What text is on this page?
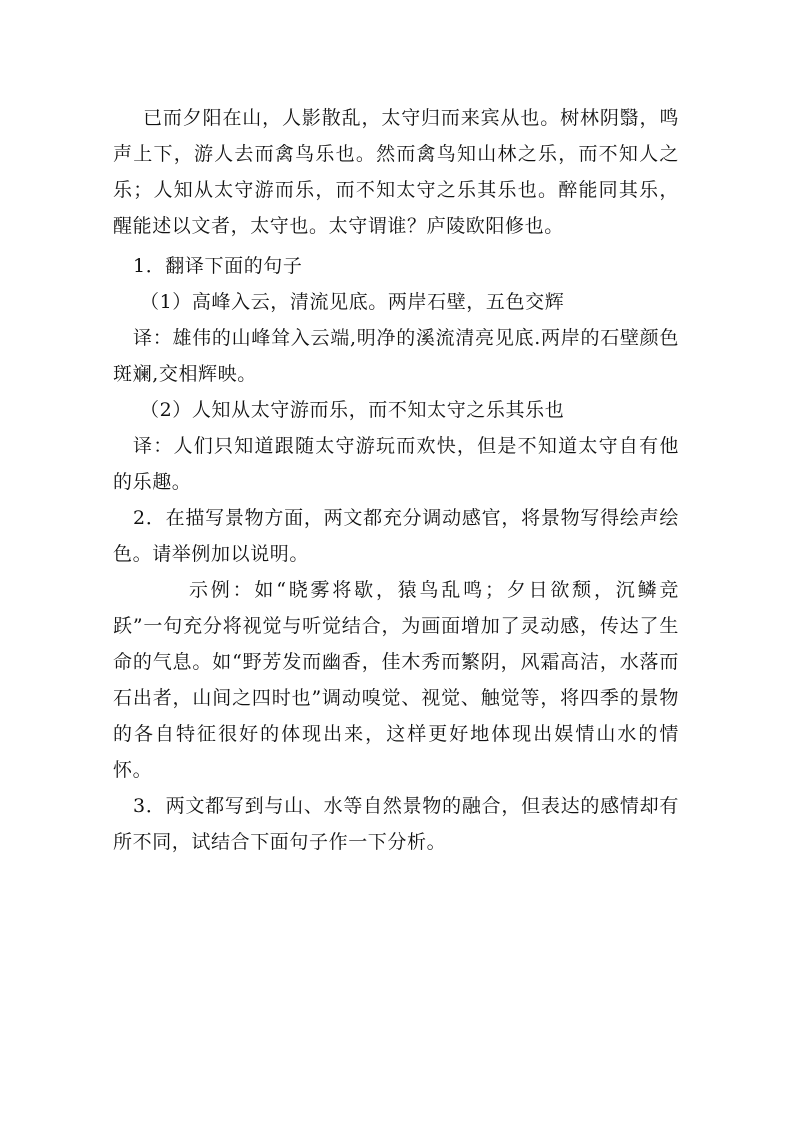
已而夕阳在山，人影散乱，太守归而来宾从也。树林阴翳，鸣声上下，游人去而禽鸟乐也。然而禽鸟知山林之乐，而不知人之乐；人知从太守游而乐，而不知太守之乐其乐也。醉能同其乐，醒能述以文者，太守也。太守谓谁？庐陵欧阳修也。

1．翻译下面的句子

（1）高峰入云，清流见底。两岸石壁，五色交辉

译：雄伟的山峰耸入云端,明净的溪流清亮见底.两岸的石壁颜色斑斓,交相辉映。

（2）人知从太守游而乐，而不知太守之乐其乐也

译：人们只知道跟随太守游玩而欢快，但是不知道太守自有他的乐趣。

2．在描写景物方面，两文都充分调动感官，将景物写得绘声绘色。请举例加以说明。

示例：如“晓雾将歇，猿鸟乱鸣；夕日欲颓，沉鳞竞跃”一句充分将视觉与听觉结合，为画面增加了灵动感，传达了生命的气息。如“野芳发而幽香，佳木秀而繁阴，风霜高洁，水落而石出者，山间之四时也”调动嗅觉、视觉、触觉等，将四季的景物的各自特征很好的体现出来，这样更好地体现出娱情山水的情怀。

3．两文都写到与山、水等自然景物的融合，但表达的感情却有所不同，试结合下面句子作一下分析。
